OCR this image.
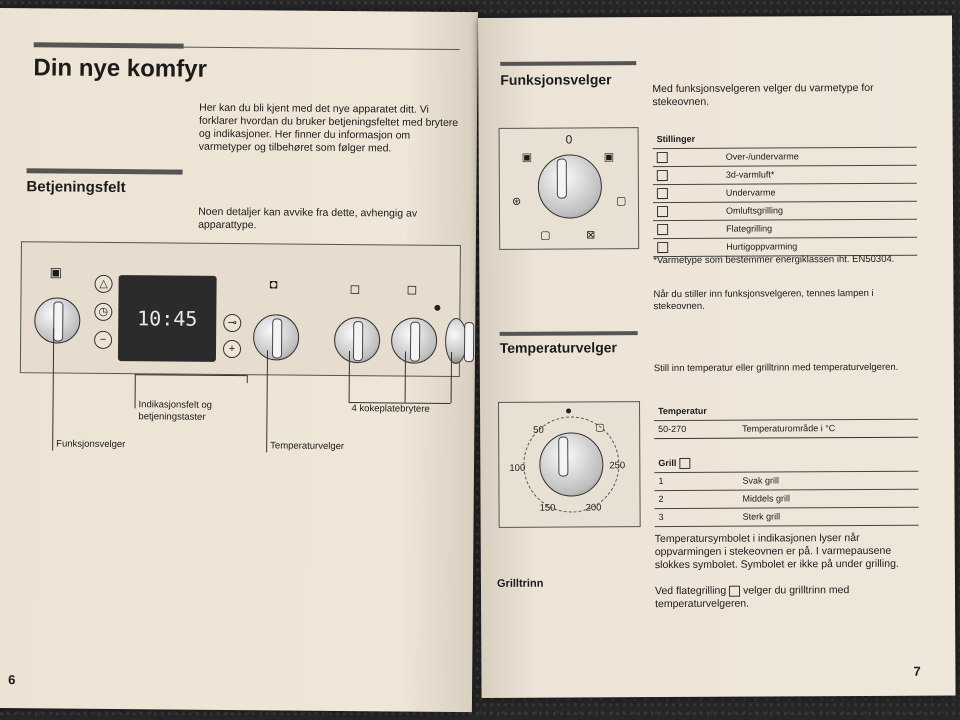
Din nye komfyr
Her kan du bli kjent med det nye apparatet ditt. Vi forklarer hvordan du bruker betjeningsfeltet med brytere og indikasjoner. Her finner du informasjon om varmetyper og tilbehøret som følger med.
Betjeningsfelt
Noen detaljer kan avvike fra dette, avhengig av apparattype.
▣
△
◷
−
10:45	⊸
+
◘	◻	◻
Indikasjonsfelt og betjeningstaster
4 kokeplatebrytere
Funksjonsvelger	Temperaturvelger
6
Funksjonsvelger
Med funksjonsvelgeren velger du varmetype for stekeovnen.
0
▣	▣
⊛	▢
▢	⊠
Stillinger
Over-/undervarme
3d-varmluft*
Undervarme
Omluftsgrilling
Flategrilling
Hurtigoppvarming
*Varmetype som bestemmer energiklassen iht. EN50304.
Når du stiller inn funksjonsvelgeren, tennes lampen i stekeovnen.
Temperaturvelger
Still inn temperatur eller grilltrinn med temperaturvelgeren.
50
100
150	200
250
▢
Temperatur
50-270	Temperaturområde i °C
Grill
1	Svak grill
2	Middels grill
3	Sterk grill
Temperatursymbolet i indikasjonen lyser når oppvarmingen i stekeovnen er på. I varmepausene slokkes symbolet. Symbolet er ikke på under grilling.
Grilltrinn
Ved flategrilling velger du grilltrinn med temperaturvelgeren.
7
